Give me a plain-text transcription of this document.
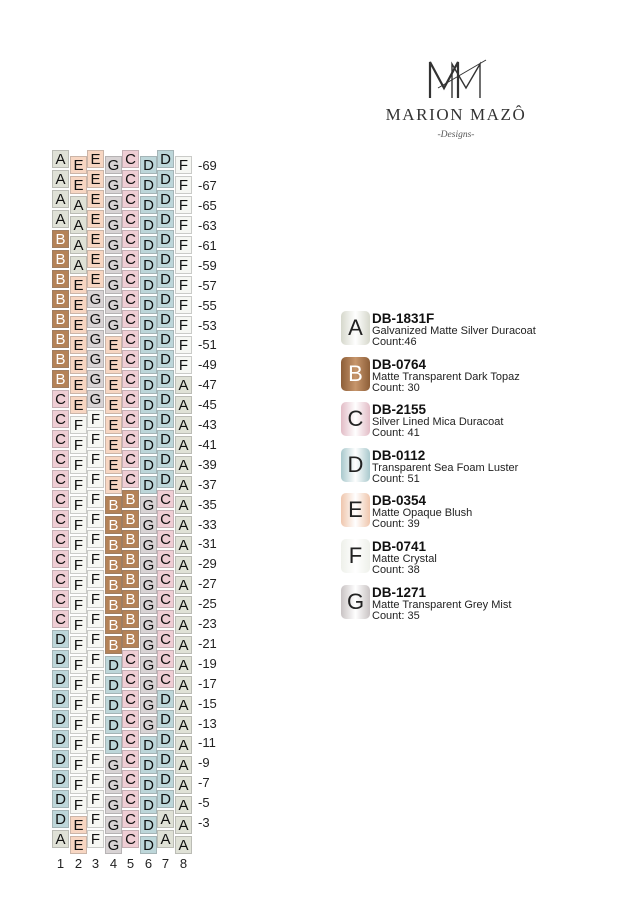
MARION MAZÔ
-Designs-
A
A
A
A
B
B
B
B
B
B
B
B
C
C
C
C
C
C
C
C
C
C
C
C
D
D
D
D
D
D
D
D
D
D
A
1
E
E
A
A
A
A
E
E
E
E
E
E
E
F
F
F
F
F
F
F
F
F
F
F
F
F
F
F
F
F
F
F
F
E
E
2
E
E
E
E
E
E
E
G
G
G
G
G
G
F
F
F
F
F
F
F
F
F
F
F
F
F
F
F
F
F
F
F
F
F
F
3
G
G
G
G
G
G
G
G
G
E
E
E
E
E
E
E
E
B
B
B
B
B
B
B
B
D
D
D
D
D
G
G
G
G
G
4
C
C
C
C
C
C
C
C
C
C
C
C
C
C
C
C
C
B
B
B
B
B
B
B
B
C
C
C
C
C
C
C
C
C
C
5
D
D
D
D
D
D
D
D
D
D
D
D
D
D
D
D
D
G
G
G
G
G
G
G
G
G
G
G
G
D
D
D
D
D
D
6
D
D
D
D
D
D
D
D
D
D
D
D
D
D
D
D
D
C
C
C
C
C
C
C
C
C
C
D
D
D
D
D
D
A
A
7
F
F
F
F
F
F
F
F
F
F
F
A
A
A
A
A
A
A
A
A
A
A
A
A
A
A
A
A
A
A
A
A
A
A
A
8
-3
-5
-7
-9
-11
-13
-15
-17
-19
-21
-23
-25
-27
-29
-31
-33
-35
-37
-39
-41
-43
-45
-47
-49
-51
-53
-55
-57
-59
-61
-63
-65
-67
-69
A DB-1831F
Galvanized Matte Silver Duracoat
Count:46
B DB-0764
Matte Transparent Dark Topaz
Count: 30
C DB-2155
Silver Lined Mica Duracoat
Count: 41
D DB-0112
Transparent Sea Foam Luster
Count: 51
E DB-0354
Matte Opaque Blush
Count: 39
F DB-0741
Matte Crystal
Count: 38
G DB-1271
Matte Transparent Grey Mist
Count: 35
